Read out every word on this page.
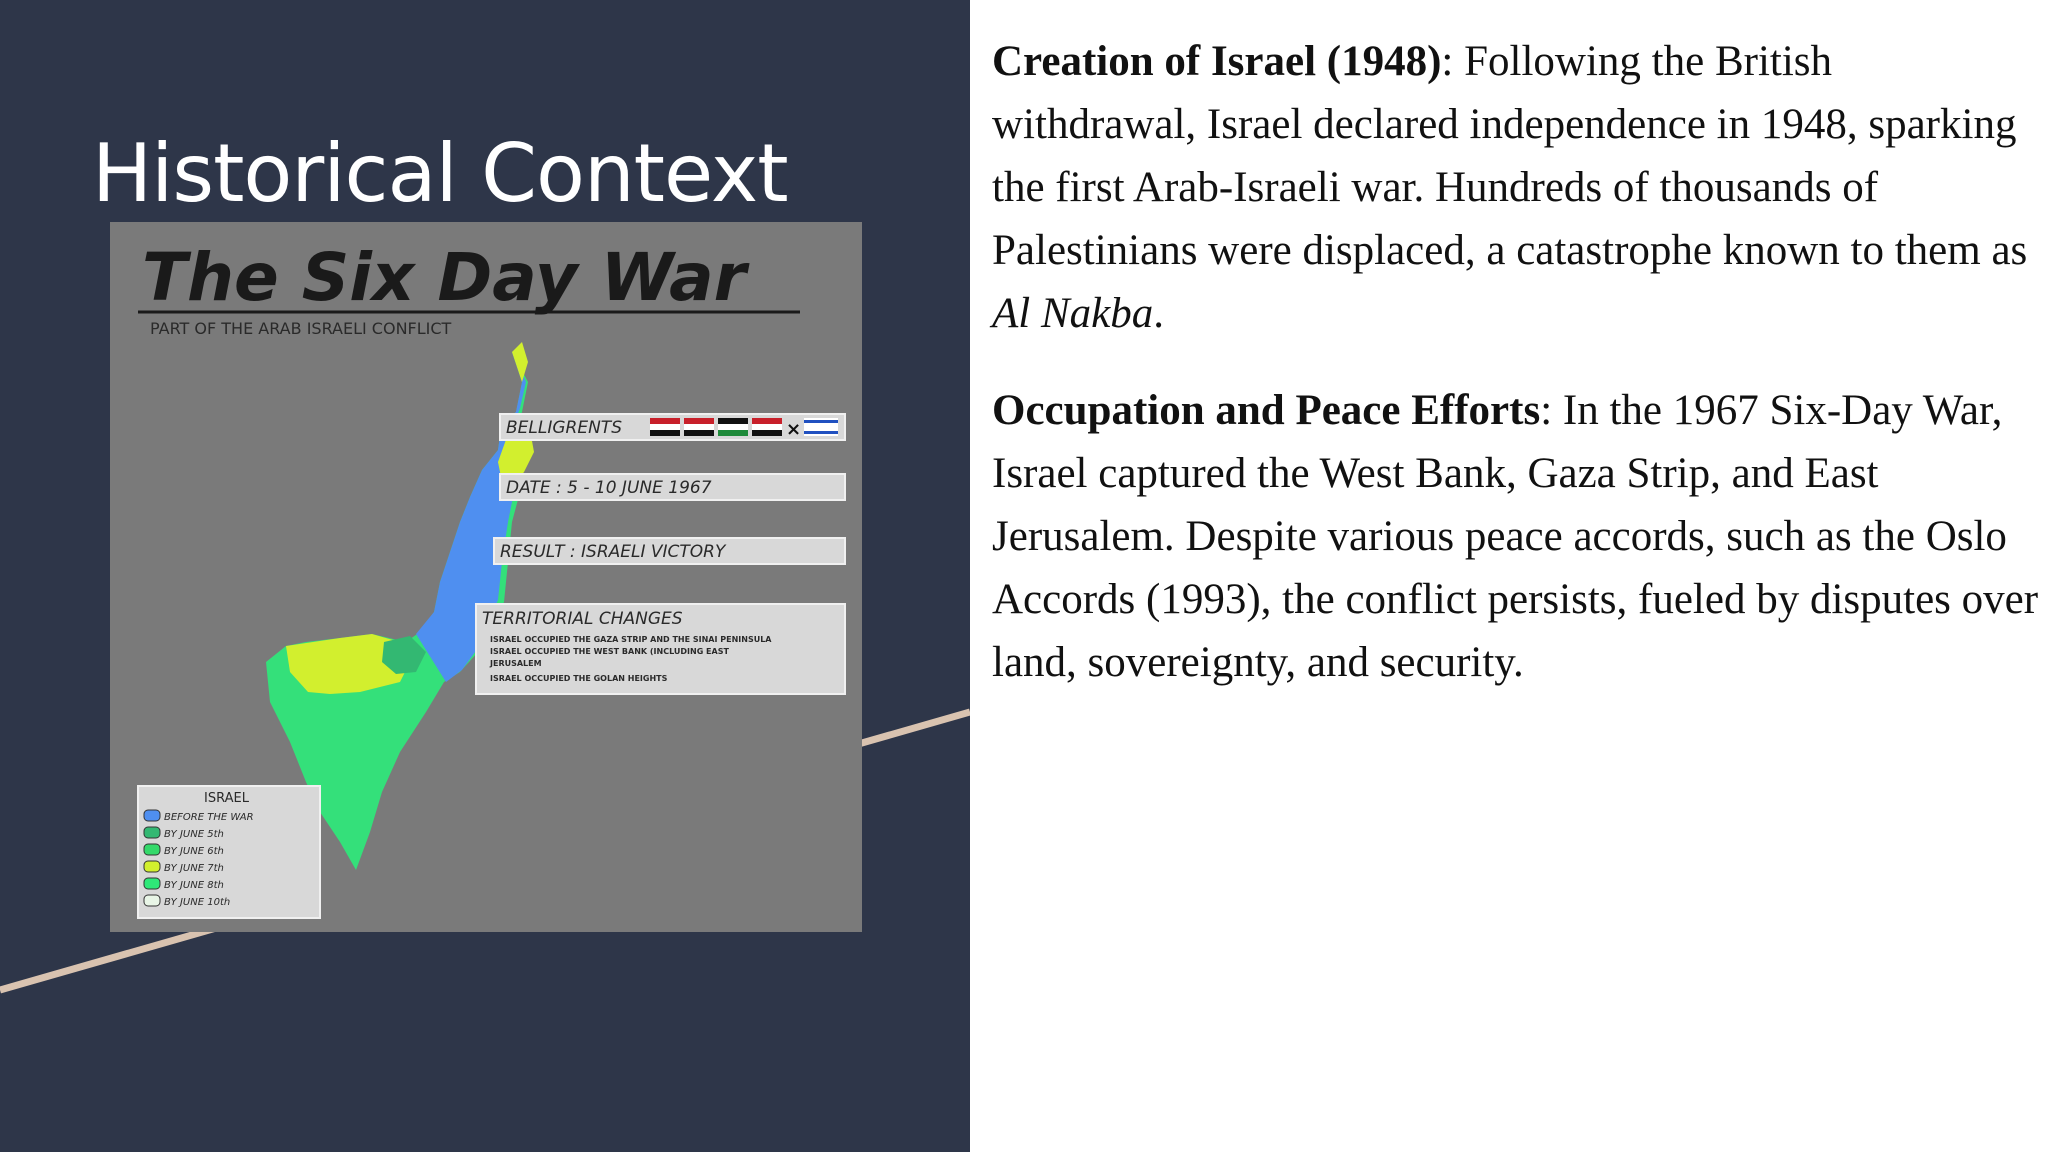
Historical Context
The Six Day War
PART OF THE ARAB ISRAELI CONFLICT
BELLIGRENTS	×
DATE : 5 - 10 JUNE 1967
RESULT : ISRAELI VICTORY
TERRITORIAL CHANGES
ISRAEL OCCUPIED THE GAZA STRIP AND THE SINAI PENINSULA
ISRAEL OCCUPIED THE WEST BANK (INCLUDING EAST
JERUSALEM
ISRAEL OCCUPIED THE GOLAN HEIGHTS
ISRAEL
BEFORE THE WAR
BY JUNE 5th
BY JUNE 6th
BY JUNE 7th
BY JUNE 8th
BY JUNE 10th

Creation of Israel (1948): Following the British withdrawal, Israel declared independence in 1948, sparking the first Arab-Israeli war. Hundreds of thousands of Palestinians were displaced, a catastrophe known to them as Al Nakba.

Occupation and Peace Efforts: In the 1967 Six-Day War, Israel captured the West Bank, Gaza Strip, and East Jerusalem. Despite various peace accords, such as the Oslo Accords (1993), the conflict persists, fueled by disputes over land, sovereignty, and security.
